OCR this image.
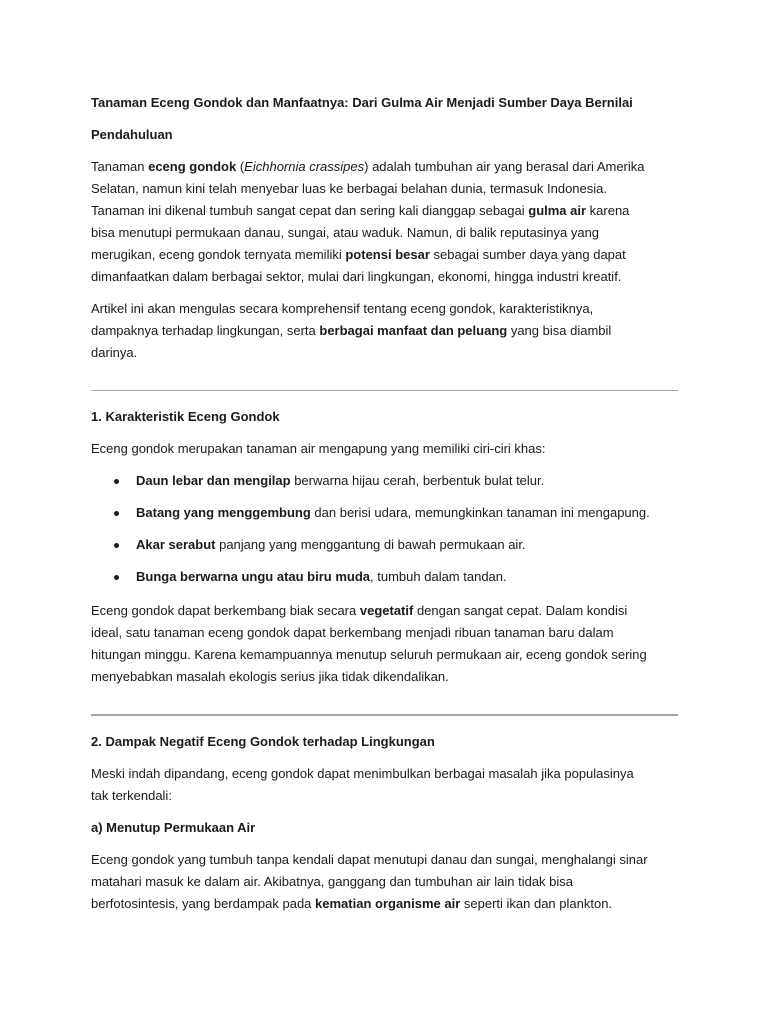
Tanaman Eceng Gondok dan Manfaatnya: Dari Gulma Air Menjadi Sumber Daya Bernilai
Pendahuluan
Tanaman eceng gondok (Eichhornia crassipes) adalah tumbuhan air yang berasal dari Amerika
Selatan, namun kini telah menyebar luas ke berbagai belahan dunia, termasuk Indonesia.
Tanaman ini dikenal tumbuh sangat cepat dan sering kali dianggap sebagai gulma air karena
bisa menutupi permukaan danau, sungai, atau waduk. Namun, di balik reputasinya yang
merugikan, eceng gondok ternyata memiliki potensi besar sebagai sumber daya yang dapat
dimanfaatkan dalam berbagai sektor, mulai dari lingkungan, ekonomi, hingga industri kreatif.
Artikel ini akan mengulas secara komprehensif tentang eceng gondok, karakteristiknya,
dampaknya terhadap lingkungan, serta berbagai manfaat dan peluang yang bisa diambil
darinya.
1. Karakteristik Eceng Gondok
Eceng gondok merupakan tanaman air mengapung yang memiliki ciri-ciri khas:
Daun lebar dan mengilap berwarna hijau cerah, berbentuk bulat telur.
Batang yang menggembung dan berisi udara, memungkinkan tanaman ini mengapung.
Akar serabut panjang yang menggantung di bawah permukaan air.
Bunga berwarna ungu atau biru muda, tumbuh dalam tandan.
Eceng gondok dapat berkembang biak secara vegetatif dengan sangat cepat. Dalam kondisi
ideal, satu tanaman eceng gondok dapat berkembang menjadi ribuan tanaman baru dalam
hitungan minggu. Karena kemampuannya menutup seluruh permukaan air, eceng gondok sering
menyebabkan masalah ekologis serius jika tidak dikendalikan.
2. Dampak Negatif Eceng Gondok terhadap Lingkungan
Meski indah dipandang, eceng gondok dapat menimbulkan berbagai masalah jika populasinya
tak terkendali:
a) Menutup Permukaan Air
Eceng gondok yang tumbuh tanpa kendali dapat menutupi danau dan sungai, menghalangi sinar
matahari masuk ke dalam air. Akibatnya, ganggang dan tumbuhan air lain tidak bisa
berfotosintesis, yang berdampak pada kematian organisme air seperti ikan dan plankton.
